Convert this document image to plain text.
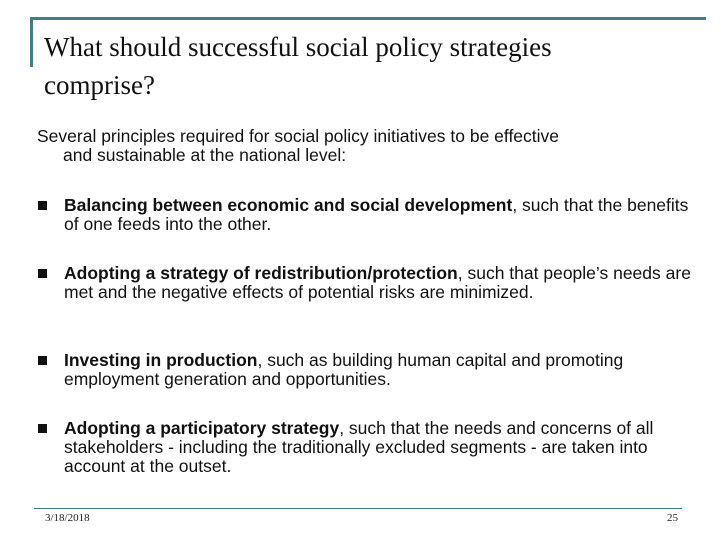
What should successful social policy strategies
comprise?
Several principles required for social policy initiatives to be effective
and sustainable at the national level:
Balancing between economic and social development, such that the benefits of one feeds into the other.
Adopting a strategy of redistribution/protection, such that people’s needs are met and the negative effects of potential risks are minimized.
Investing in production, such as building human capital and promoting employment generation and opportunities.
Adopting a participatory strategy, such that the needs and concerns of all stakeholders - including the traditionally excluded segments - are taken into account at the outset.
3/18/2018	25
